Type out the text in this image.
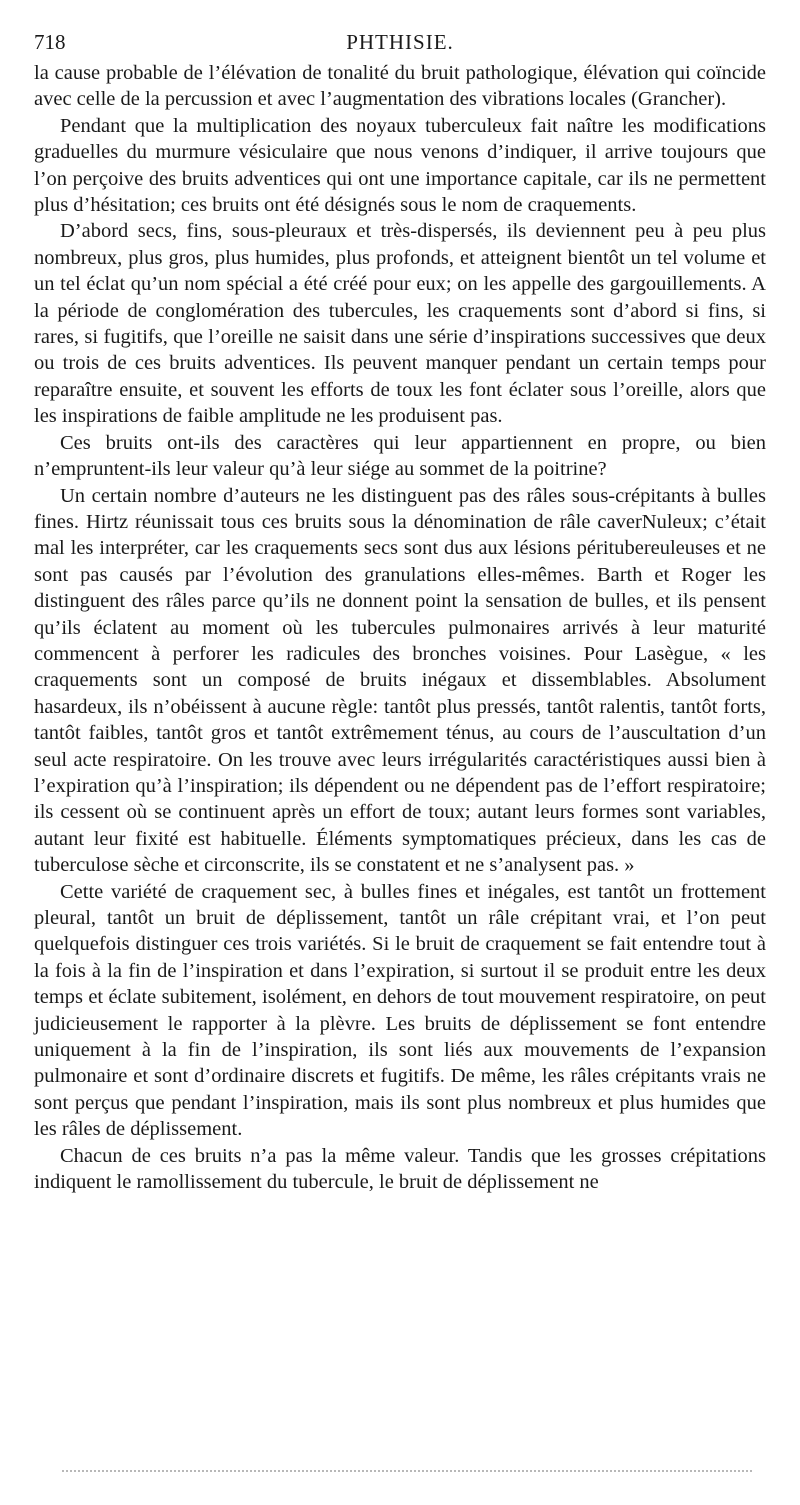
718	PHTHISIE.

la cause probable de l’élévation de tonalité du bruit pathologique, élévation qui coïncide avec celle de la percussion et avec l’augmentation des vibrations locales (Grancher).

Pendant que la multiplication des noyaux tuberculeux fait naître les modifications graduelles du murmure vésiculaire que nous venons d’indiquer, il arrive toujours que l’on perçoive des bruits adventices qui ont une importance capitale, car ils ne permettent plus d’hésitation; ces bruits ont été désignés sous le nom de craquements.

D’abord secs, fins, sous-pleuraux et très-dispersés, ils deviennent peu à peu plus nombreux, plus gros, plus humides, plus profonds, et atteignent bientôt un tel volume et un tel éclat qu’un nom spécial a été créé pour eux; on les appelle des gargouillements. A la période de conglomération des tubercules, les craquements sont d’abord si fins, si rares, si fugitifs, que l’oreille ne saisit dans une série d’inspirations successives que deux ou trois de ces bruits adventices. Ils peuvent manquer pendant un certain temps pour reparaître ensuite, et souvent les efforts de toux les font éclater sous l’oreille, alors que les inspirations de faible amplitude ne les produisent pas.

Ces bruits ont-ils des caractères qui leur appartiennent en propre, ou bien n’empruntent-ils leur valeur qu’à leur siége au sommet de la poitrine?

Un certain nombre d’auteurs ne les distinguent pas des râles sous-crépitants à bulles fines. Hirtz réunissait tous ces bruits sous la dénomination de râle caverNuleux; c’était mal les interpréter, car les craquements secs sont dus aux lésions péritubereuleuses et ne sont pas causés par l’évolution des granulations elles-mêmes. Barth et Roger les distinguent des râles parce qu’ils ne donnent point la sensation de bulles, et ils pensent qu’ils éclatent au moment où les tubercules pulmonaires arrivés à leur maturité commencent à perforer les radicules des bronches voisines. Pour Lasègue, « les craquements sont un composé de bruits inégaux et dissemblables. Absolument hasardeux, ils n’obéissent à aucune règle: tantôt plus pressés, tantôt ralentis, tantôt forts, tantôt faibles, tantôt gros et tantôt extrêmement ténus, au cours de l’auscultation d’un seul acte respiratoire. On les trouve avec leurs irrégularités caractéristiques aussi bien à l’expiration qu’à l’inspiration; ils dépendent ou ne dépendent pas de l’effort respiratoire; ils cessent où se continuent après un effort de toux; autant leurs formes sont variables, autant leur fixité est habituelle. Éléments symptomatiques précieux, dans les cas de tuberculose sèche et circonscrite, ils se constatent et ne s’analysent pas. »

Cette variété de craquement sec, à bulles fines et inégales, est tantôt un frottement pleural, tantôt un bruit de déplissement, tantôt un râle crépitant vrai, et l’on peut quelquefois distinguer ces trois variétés. Si le bruit de craquement se fait entendre tout à la fois à la fin de l’inspiration et dans l’expiration, si surtout il se produit entre les deux temps et éclate subitement, isolément, en dehors de tout mouvement respiratoire, on peut judicieusement le rapporter à la plèvre. Les bruits de déplissement se font entendre uniquement à la fin de l’inspiration, ils sont liés aux mouvements de l’expansion pulmonaire et sont d’ordinaire discrets et fugitifs. De même, les râles crépitants vrais ne sont perçus que pendant l’inspiration, mais ils sont plus nombreux et plus humides que les râles de déplissement.

Chacun de ces bruits n’a pas la même valeur. Tandis que les grosses crépitations indiquent le ramollissement du tubercule, le bruit de déplissement ne
